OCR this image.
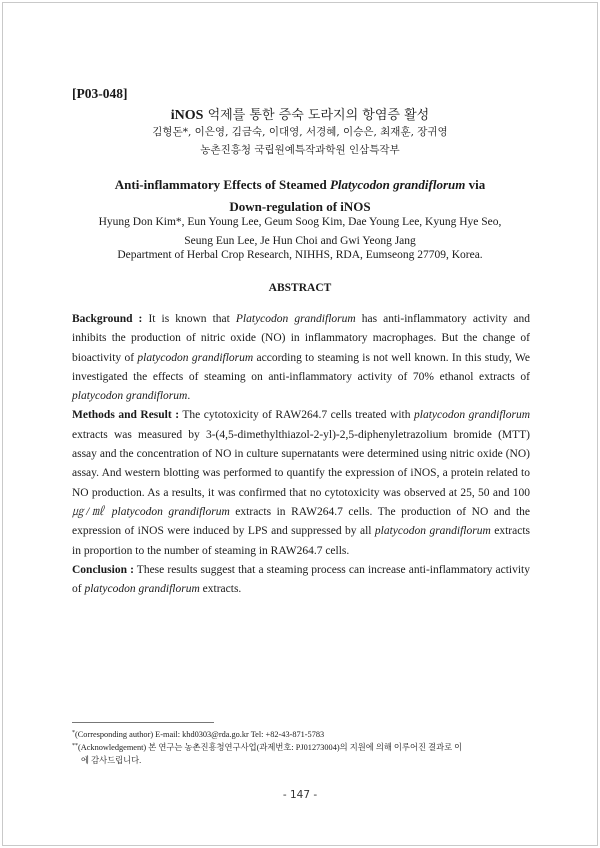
[P03-048]
iNOS 억제를 통한 증숙 도라지의 항염증 활성
김형돈*, 이은영, 김금숙, 이대영, 서경혜, 이승은, 최재훈, 장귀영
농촌진흥청 국립원예특작과학원 인삼특작부
Anti-inflammatory Effects of Steamed Platycodon grandiflorum via
Down-regulation of iNOS
Hyung Don Kim*, Eun Young Lee, Geum Soog Kim, Dae Young Lee, Kyung Hye Seo,
Seung Eun Lee, Je Hun Choi and Gwi Yeong Jang
Department of Herbal Crop Research, NIHHS, RDA, Eumseong 27709, Korea.
ABSTRACT

Background : It is known that Platycodon grandiflorum has anti-inflammatory activity and inhibits the production of nitric oxide (NO) in inflammatory macrophages. But the change of bioactivity of platycodon grandiflorum according to steaming is not well known. In this study, We investigated the effects of steaming on anti-inflammatory activity of 70% ethanol extracts of platycodon grandiflorum.

Methods and Result : The cytotoxicity of RAW264.7 cells treated with platycodon grandiflorum extracts was measured by 3-(4,5-dimethylthiazol-2-yl)-2,5-diphenyletrazolium bromide (MTT) assay and the concentration of NO in culture supernatants were determined using nitric oxide (NO) assay. And western blotting was performed to quantify the expression of iNOS, a protein related to NO production. As a results, it was confirmed that no cytotoxicity was observed at 25, 50 and 100 ㎍/㎖ platycodon grandiflorum extracts in RAW264.7 cells. The production of NO and the expression of iNOS were induced by LPS and suppressed by all platycodon grandiflorum extracts in proportion to the number of steaming in RAW264.7 cells.

Conclusion : These results suggest that a steaming process can increase anti-inflammatory activity of platycodon grandiflorum extracts.

*(Corresponding author) E-mail: khd0303@rda.go.kr Tel: +82-43-871-5783
**(Acknowledgement) 본 연구는 농촌진흥청연구사업(과제번호: PJ01273004)의 지원에 의해 이루어진 결과로 이
에 감사드립니다.
- 147 -
